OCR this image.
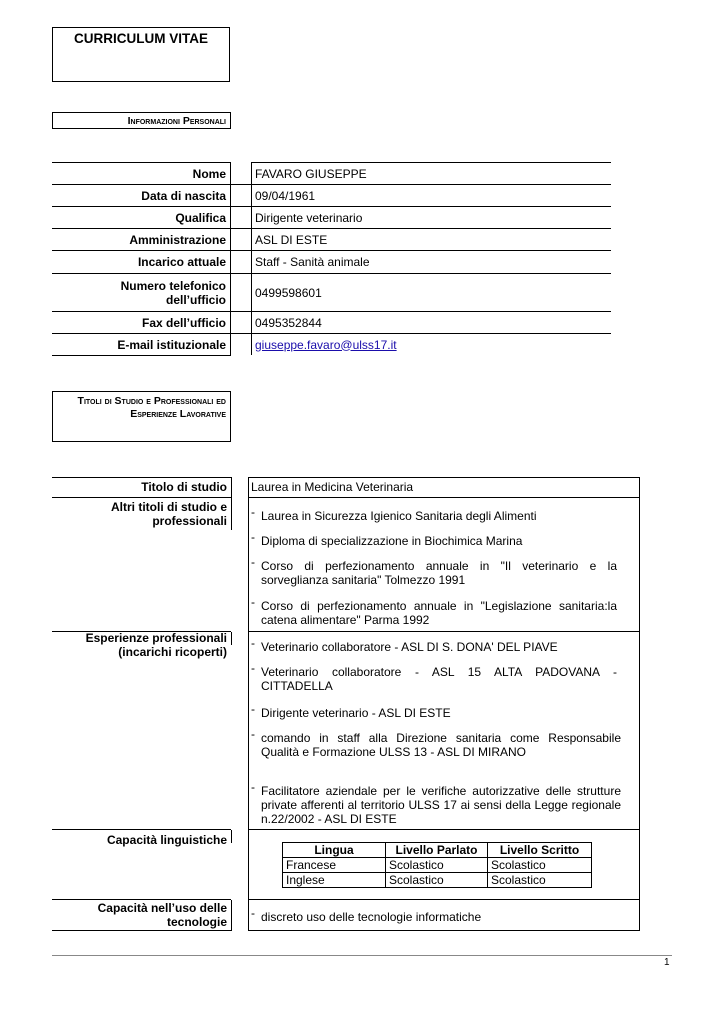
CURRICULUM VITAE
Informazioni Personali
Nome	FAVARO GIUSEPPE
Data di nascita	09/04/1961
Qualifica	Dirigente veterinario
Amministrazione	ASL DI ESTE
Incarico attuale	Staff - Sanità animale
Numero telefonico dell’ufficio	0499598601
Fax dell’ufficio	0495352844
E-mail istituzionale	giuseppe.favaro@ulss17.it
Titoli di Studio e Professionali ed Esperienze Lavorative
Titolo di studio	Laurea in Medicina Veterinaria
Altri titoli di studio e professionali
- Laurea in Sicurezza Igienico Sanitaria degli Alimenti
- Diploma di specializzazione in Biochimica Marina
- Corso di perfezionamento annuale in "Il veterinario e la sorveglianza sanitaria" Tolmezzo 1991
- Corso di perfezionamento annuale in "Legislazione sanitaria:la catena alimentare" Parma 1992
Esperienze professionali (incarichi ricoperti)
- Veterinario collaboratore - ASL DI S. DONA' DEL PIAVE
- Veterinario collaboratore - ASL 15 ALTA PADOVANA - CITTADELLA
- Dirigente veterinario - ASL DI ESTE
- comando in staff alla Direzione sanitaria come Responsabile Qualità e Formazione ULSS 13 - ASL DI MIRANO
- Facilitatore aziendale per le verifiche autorizzative delle strutture private afferenti al territorio ULSS 17 ai sensi della Legge regionale n.22/2002 - ASL DI ESTE
Capacità linguistiche
Lingua	Livello Parlato	Livello Scritto
Francese	Scolastico	Scolastico
Inglese	Scolastico	Scolastico
Capacità nell’uso delle tecnologie
- discreto uso delle tecnologie informatiche
1
